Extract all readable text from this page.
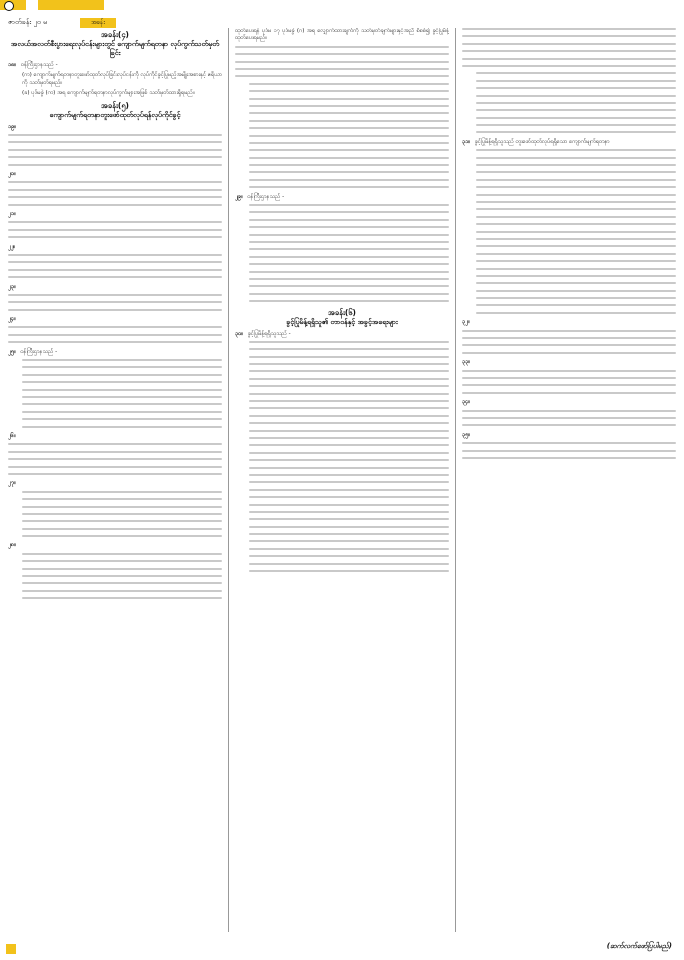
ဇာတ်ခန်း ၂၀ မ	အခန်း
အခန်း(၄)
အလယ်အလတ်စီးပွားရေးလုပ်ငန်းများတွင် ကျောက်မျက်ရတနာ လုပ်ကွက်သတ်မှတ်ခြင်း
၁၈။ ဝန်ကြီးဌာနသည် -
(က) ကျောက်မျက်ရတနာတူးဖော်ထုတ်လုပ်ခြင်းလုပ်ငန်းကို လုပ်ကိုင်ခွင့်ပြုမည့်အမျိုးအစားနှင့် ဧရိယာကို သတ်မှတ်ရမည်။
(ခ) ပုဒ်မခွဲ (က) အရ ကျောက်မျက်ရတနာလုပ်ကွက်များအဖြစ် သတ်မှတ်ထားရှိရမည်။
အခန်း(၅)
ကျောက်မျက်ရတနာတူးဖော်ထုတ်လုပ်ရန်လုပ်ကိုင်ခွင့်
၁၉။
၂၀။
၂၁။
၂၂။
၂၃။
၂၄။
၂၅။ ဝန်ကြီးဌာနသည် -
၂၆။
၂၇။
၂၈။
ထုတ်ပေးရန် ပုဒ်မ ၁၇ ပုဒ်မခွဲ (ဂ) အရ လျှောက်ထားချက်ကို သတ်မှတ်ချက်များနှင့်အညီ စိစစ်၍ ခွင့်ပြုမိန့်ထုတ်ပေးရမည်။
၂၉။ ဝန်ကြီးဌာနသည် -
အခန်း(၆)
ခွင့်ပြုမိန့်ရရှိသူ၏ တာဝန်နှင့် အခွင့်အရေးများ
၃၀။ ခွင့်ပြုမိန့်ရရှိသူသည် -
၃၁။ ခွင့်ပြုမိန့်ရရှိသူသည် တူးဖော်ထုတ်လုပ်ရရှိသော ကျောက်မျက်ရတနာ
၃၂။
၃၃။
၃၄။
၃၅။
(ဆက်လက်ဖော်ပြပါမည်)
